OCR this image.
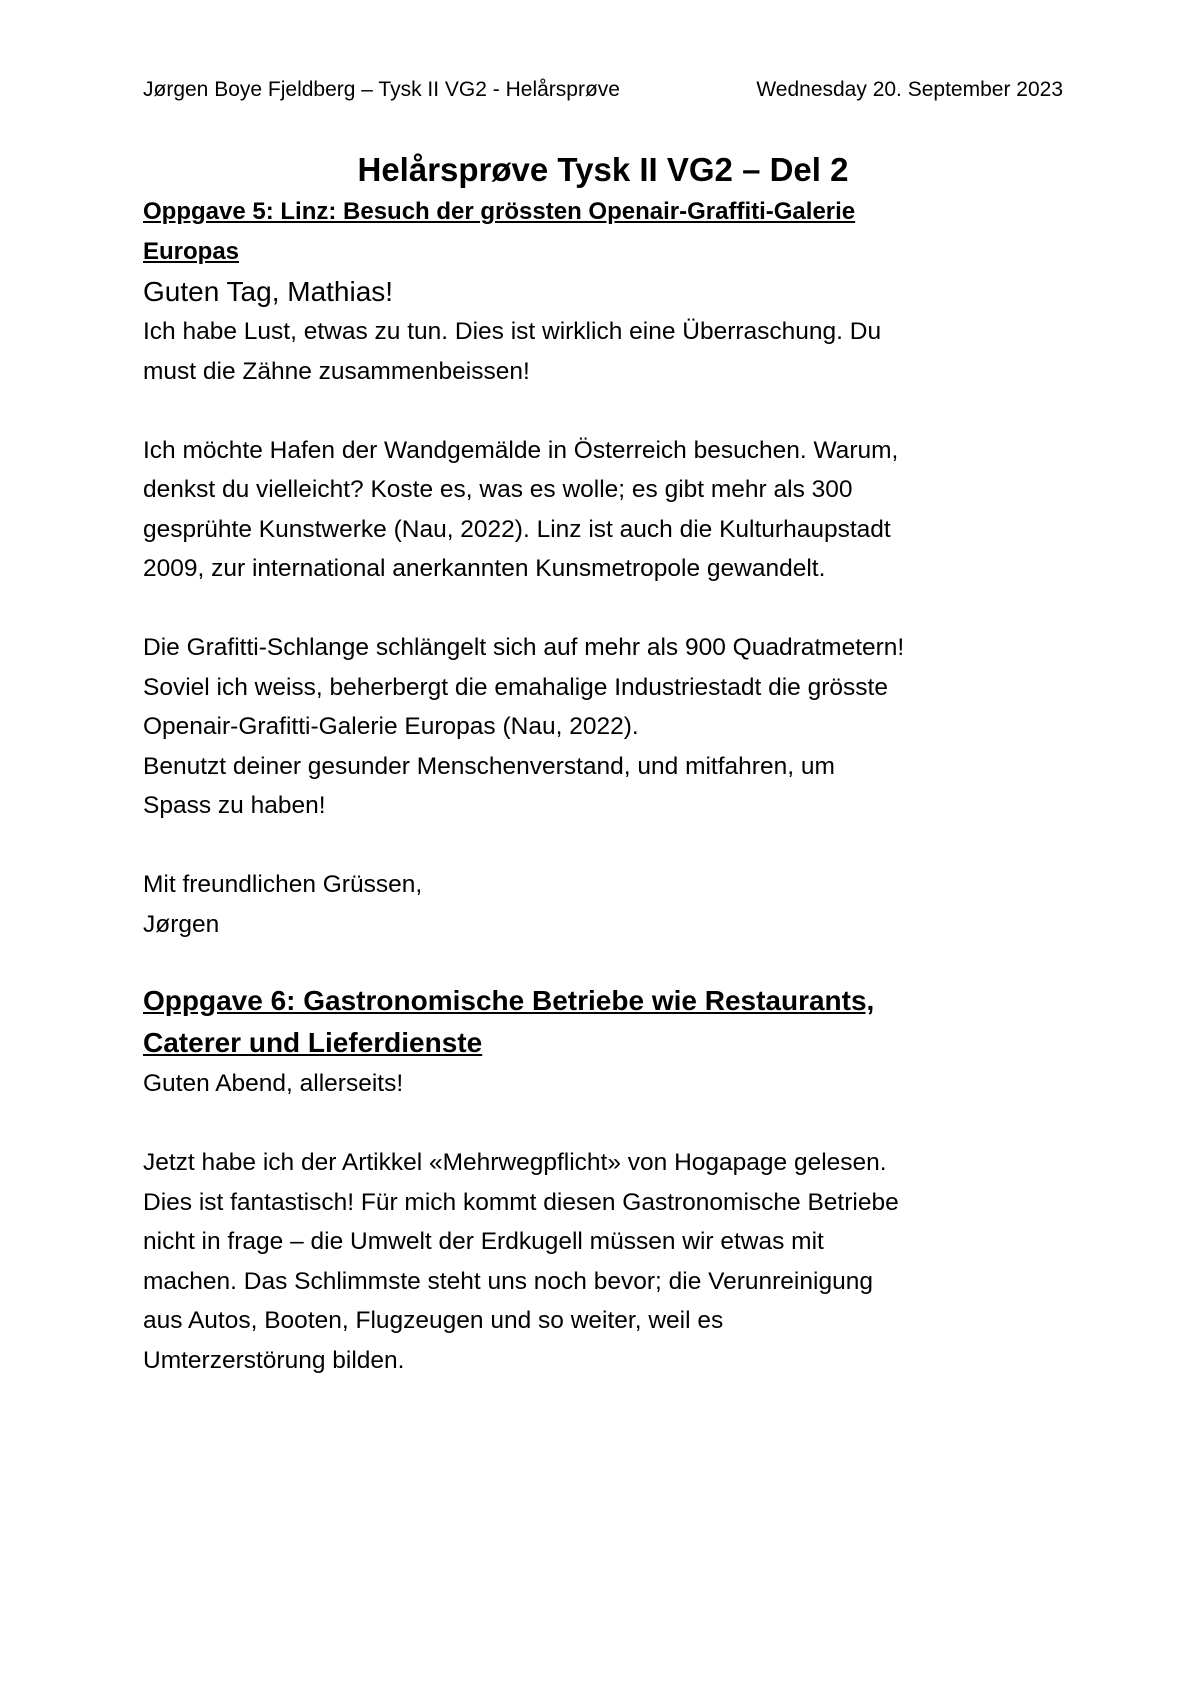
Jørgen Boye Fjeldberg – Tysk II VG2 - Helårsprøve	Wednesday 20. September 2023
Helårsprøve Tysk II VG2 – Del 2
Oppgave 5: Linz: Besuch der grössten Openair-Graffiti-Galerie
Europas

Guten Tag, Mathias!

Ich habe Lust, etwas zu tun. Dies ist wirklich eine Überraschung. Du

must die Zähne zusammenbeissen!

Ich möchte Hafen der Wandgemälde in Österreich besuchen. Warum,

denkst du vielleicht? Koste es, was es wolle; es gibt mehr als 300

gesprühte Kunstwerke (Nau, 2022). Linz ist auch die Kulturhaupstadt

2009, zur international anerkannten Kunsmetropole gewandelt.

Die Grafitti-Schlange schlängelt sich auf mehr als 900 Quadratmetern!

Soviel ich weiss, beherbergt die emahalige Industriestadt die grösste

Openair-Grafitti-Galerie Europas (Nau, 2022).

Benutzt deiner gesunder Menschenverstand, und mitfahren, um

Spass zu haben!

Mit freundlichen Grüssen,

Jørgen

Oppgave 6: Gastronomische Betriebe wie Restaurants,
Caterer und Lieferdienste

Guten Abend, allerseits!

Jetzt habe ich der Artikkel «Mehrwegpflicht» von Hogapage gelesen.

Dies ist fantastisch! Für mich kommt diesen Gastronomische Betriebe

nicht in frage – die Umwelt der Erdkugell müssen wir etwas mit

machen. Das Schlimmste steht uns noch bevor; die Verunreinigung

aus Autos, Booten, Flugzeugen und so weiter, weil es

Umterzerstörung bilden.
